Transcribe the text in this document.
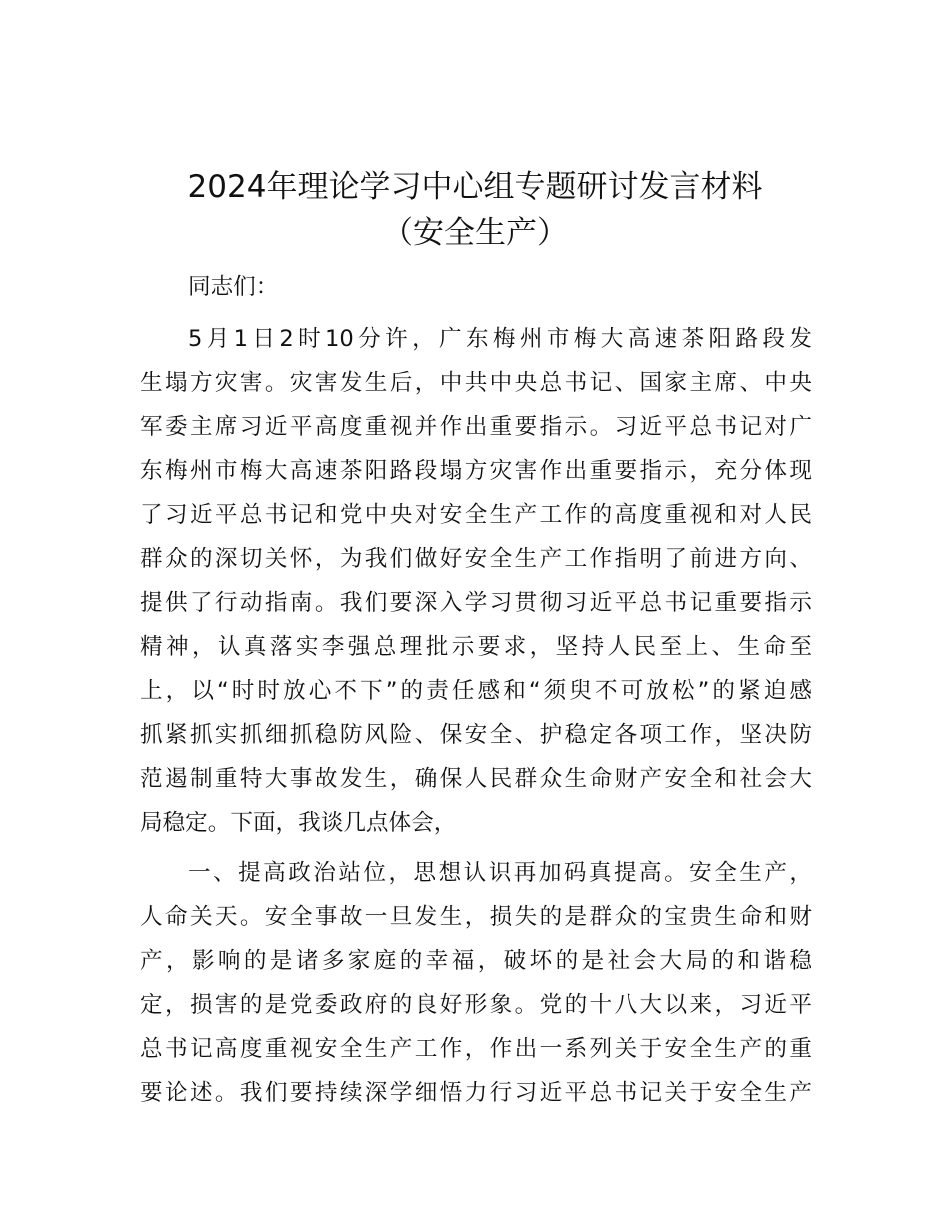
2024年理论学习中心组专题研讨发言材料
（安全生产）

同志们：

5月1日2时10分许，广东梅州市梅大高速茶阳路段发

生塌方灾害。灾害发生后，中共中央总书记、国家主席、中央

军委主席习近平高度重视并作出重要指示。习近平总书记对广

东梅州市梅大高速茶阳路段塌方灾害作出重要指示，充分体现

了习近平总书记和党中央对安全生产工作的高度重视和对人民

群众的深切关怀，为我们做好安全生产工作指明了前进方向、

提供了行动指南。我们要深入学习贯彻习近平总书记重要指示

精神，认真落实李强总理批示要求，坚持人民至上、生命至

上，以“时时放心不下”的责任感和“须臾不可放松”的紧迫感

抓紧抓实抓细抓稳防风险、保安全、护稳定各项工作，坚决防

范遏制重特大事故发生，确保人民群众生命财产安全和社会大

局稳定。下面，我谈几点体会，

一、提高政治站位，思想认识再加码真提高。安全生产，

人命关天。安全事故一旦发生，损失的是群众的宝贵生命和财

产，影响的是诸多家庭的幸福，破坏的是社会大局的和谐稳

定，损害的是党委政府的良好形象。党的十八大以来，习近平

总书记高度重视安全生产工作，作出一系列关于安全生产的重

要论述。我们要持续深学细悟力行习近平总书记关于安全生产
